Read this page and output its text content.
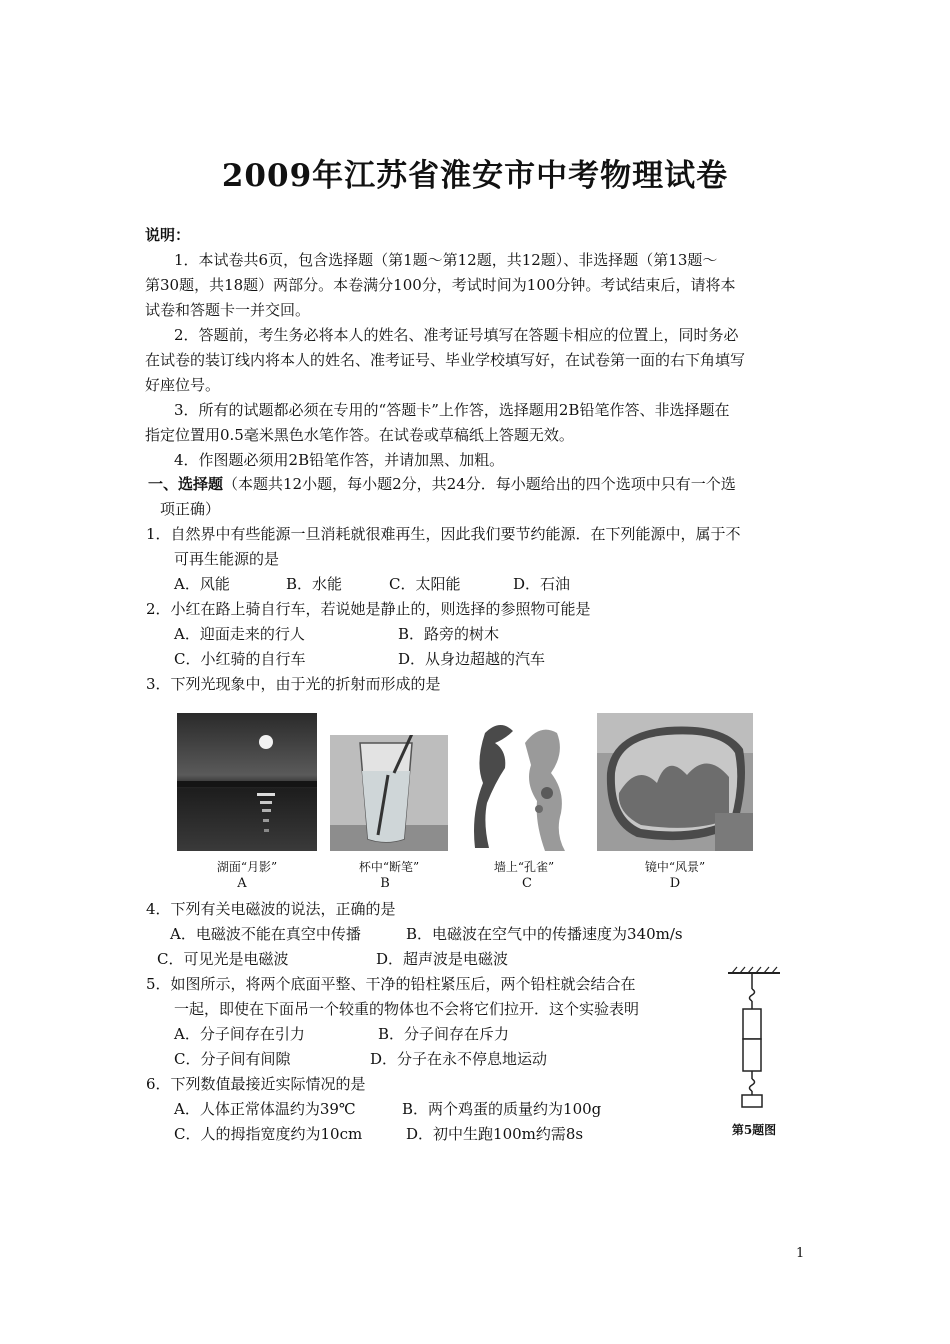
2009年江苏省淮安市中考物理试卷
说明：
1．本试卷共6页，包含选择题（第1题～第12题，共12题）、非选择题（第13题～
第30题，共18题）两部分。本卷满分100分，考试时间为100分钟。考试结束后，请将本
试卷和答题卡一并交回。
2．答题前，考生务必将本人的姓名、准考证号填写在答题卡相应的位置上，同时务必
在试卷的装订线内将本人的姓名、准考证号、毕业学校填写好，在试卷第一面的右下角填写
好座位号。
3．所有的试题都必须在专用的“答题卡”上作答，选择题用2B铅笔作答、非选择题在
指定位置用0.5毫米黑色水笔作答。在试卷或草稿纸上答题无效。
4．作图题必须用2B铅笔作答，并请加黑、加粗。
一、选择题（本题共12小题，每小题2分，共24分．每小题给出的四个选项中只有一个选
项正确）
1．自然界中有些能源一旦消耗就很难再生，因此我们要节约能源．在下列能源中，属于不
可再生能源的是
A．风能	B．水能	C．太阳能	D．石油
2．小红在路上骑自行车，若说她是静止的，则选择的参照物可能是
A．迎面走来的行人	B．路旁的树木
C．小红骑的自行车	D．从身边超越的汽车
3．下列光现象中，由于光的折射而形成的是
湖面“月影”	杯中“断笔”	墙上“孔雀”	镜中“风景”
A	B	C	D
4．下列有关电磁波的说法，正确的是
A．电磁波不能在真空中传播	B．电磁波在空气中的传播速度为340m/s
C．可见光是电磁波	D．超声波是电磁波
5．如图所示，将两个底面平整、干净的铅柱紧压后，两个铅柱就会结合在
一起，即使在下面吊一个较重的物体也不会将它们拉开．这个实验表明
A．分子间存在引力	B．分子间存在斥力
C．分子间有间隙	D．分子在永不停息地运动
第5题图
6．下列数值最接近实际情况的是
A．人体正常体温约为39℃	B．两个鸡蛋的质量约为100g
C．人的拇指宽度约为10cm	D．初中生跑100m约需8s
1
